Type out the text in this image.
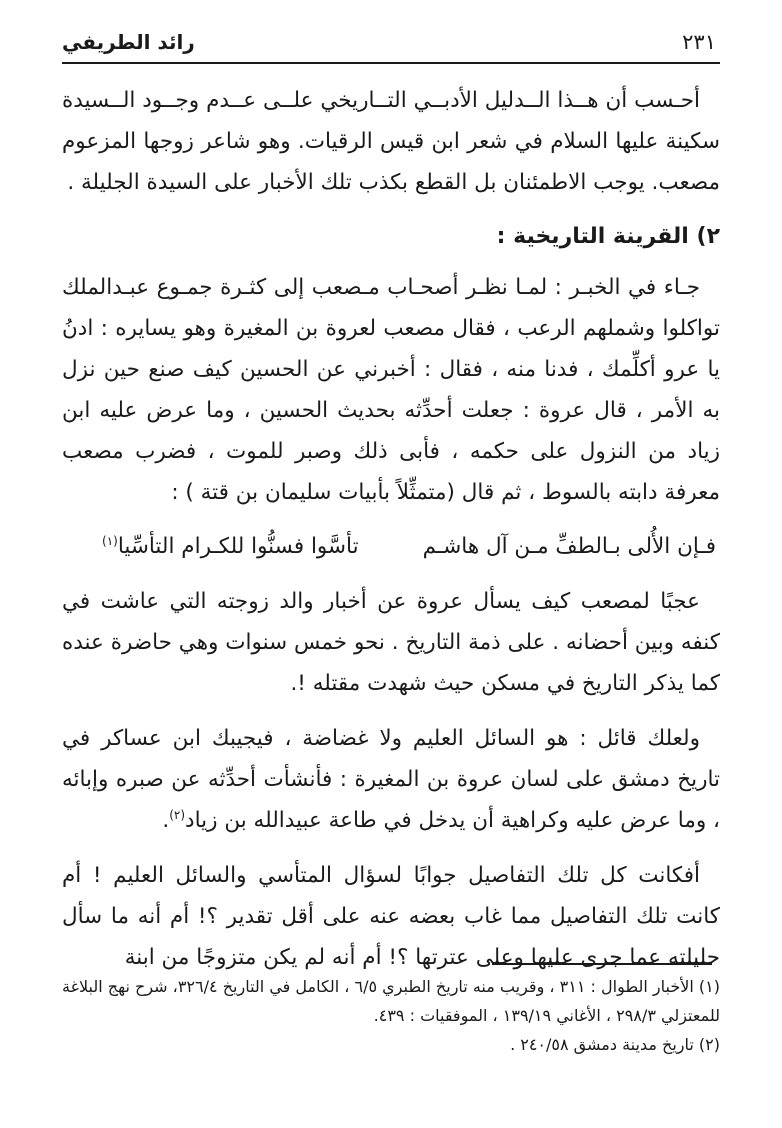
٢٣١
رائد الطريفي

أحـسب أن هــذا الــدليل الأدبــي التــاريخي علــى عــدم وجــود الــسيدة سكينة عليها السلام في شعر ابن قيس الرقيات. وهو شاعر زوجها المزعوم مصعب. يوجب الاطمئنان بل القطع بكذب تلك الأخبار على السيدة الجليلة .

٢) القرينة التاريخية :

جـاء في الخبـر : لمـا نظـر أصحـاب مـصعب إلى كثـرة جمـوع عبـدالملك تواكلوا وشملهم الرعب ، فقال مصعب لعروة بن المغيرة وهو يسايره : ادنُ يا عرو أكلِّمك ، فدنا منه ، فقال : أخبرني عن الحسين كيف صنع حين نزل به الأمر ، قال عروة : جعلت أحدِّثه بحديث الحسين ، وما عرض عليه ابن زياد من النزول على حكمه ، فأبى ذلك وصبر للموت ، فضرب مصعب معرفة دابته بالسوط ، ثم قال (متمثِّلاً بأبيات سليمان بن قتة ) :

فـإن الأُلى بـالطفِّ مـن آل هاشـم
تأسَّوا فسنُّوا للكـرام التأسِّيا$^{(١)}$

عجبًا لمصعب كيف يسأل عروة عن أخبار والد زوجته التي عاشت في كنفه وبين أحضانه . على ذمة التاريخ . نحو خمس سنوات وهي حاضرة عنده كما يذكر التاريخ في مسكن حيث شهدت مقتله !.

ولعلك قائل : هو السائل العليم ولا غضاضة ، فيجيبك ابن عساكر في تاريخ دمشق على لسان عروة بن المغيرة : فأنشأت أحدِّثه عن صبره وإبائه ، وما عرض عليه وكراهية أن يدخل في طاعة عبيدالله بن زياد$^{(٢)}$.

أفكانت كل تلك التفاصيل جوابًا لسؤال المتأسي والسائل العليم ! أم كانت تلك التفاصيل مما غاب بعضه عنه على أقل تقدير ؟! أم أنه ما سأل حليلته عما جرى عليها وعلى عترتها ؟! أم أنه لم يكن متزوجًا من ابنة

(١) الأخبار الطوال : ٣١١ ، وقريب منه تاريخ الطبري ٦/٥ ، الكامل في التاريخ ٣٢٦/٤، شرح نهج البلاغة للمعتزلي ٢٩٨/٣ ، الأغاني ١٣٩/١٩ ، الموفقيات : ٤٣٩.
(٢) تاريخ مدينة دمشق ٢٤٠/٥٨ .
